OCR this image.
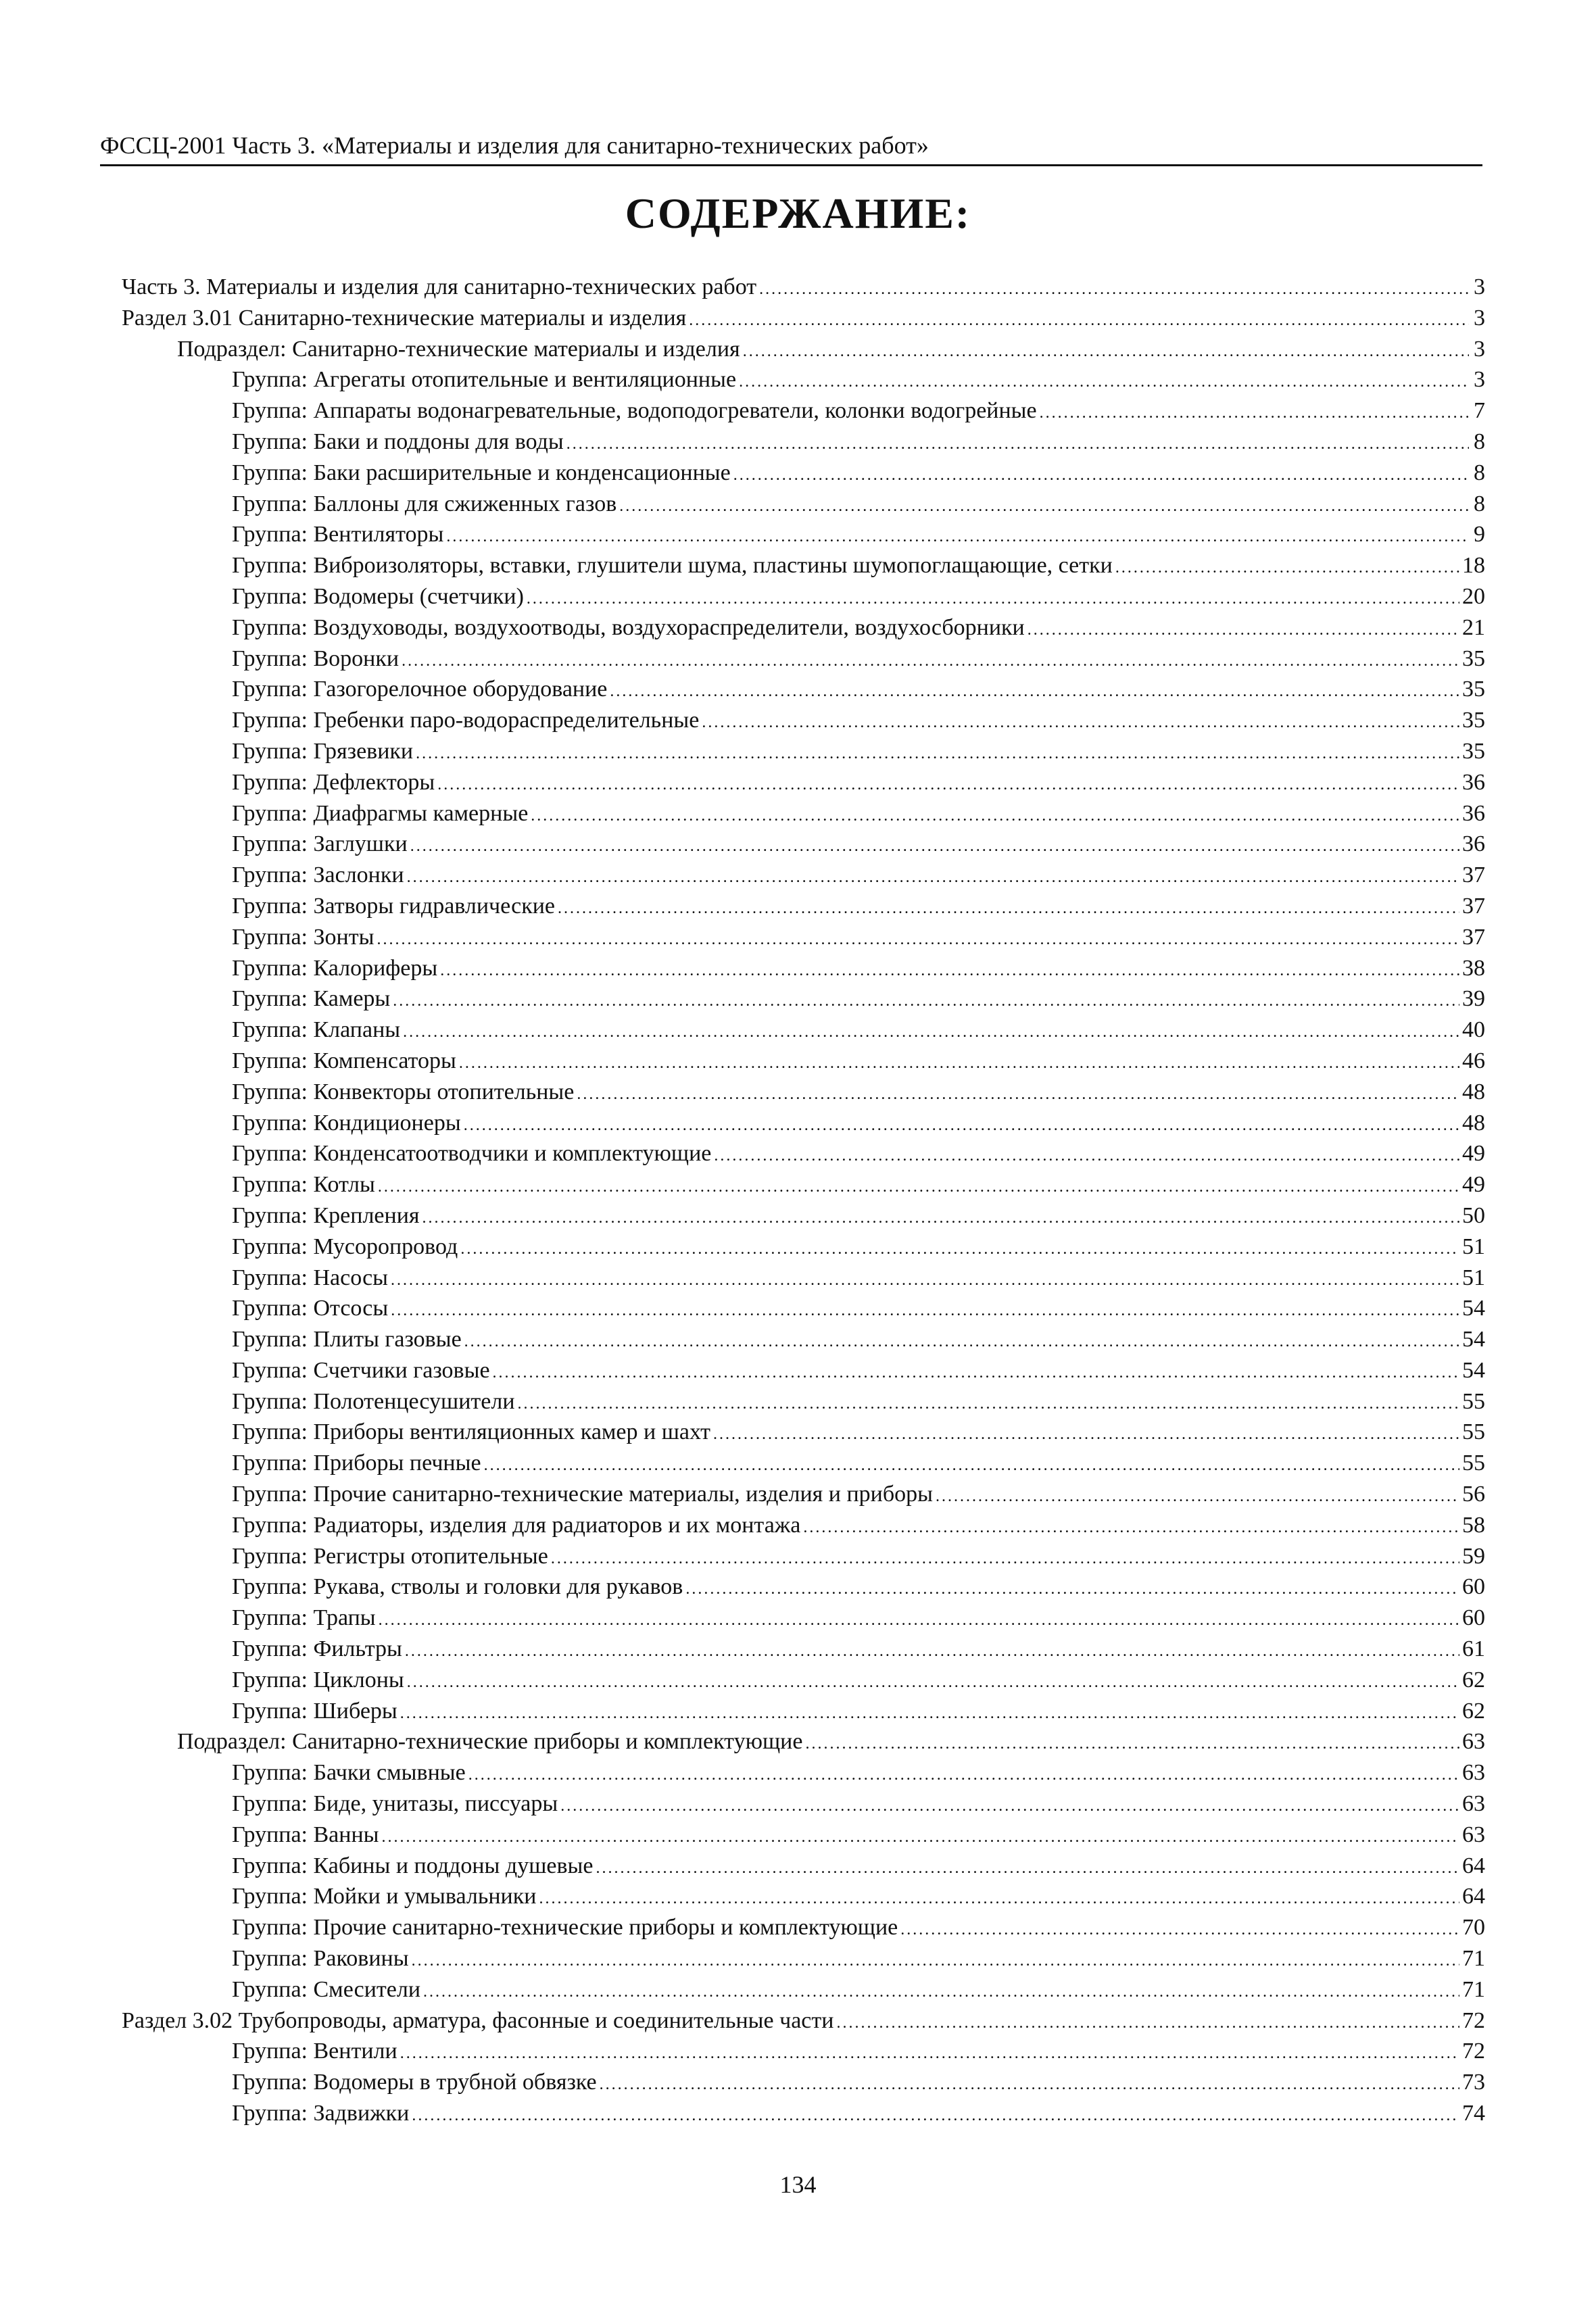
ФССЦ-2001 Часть 3. «Материалы и изделия для санитарно-технических работ»
СОДЕРЖАНИЕ:
Часть 3. Материалы и изделия для санитарно-технических работ .....	3
Раздел 3.01 Санитарно-технические материалы и изделия .....	3
Подраздел: Санитарно-технические материалы и изделия .....	3
Группа: Агрегаты отопительные и вентиляционные .....	3
Группа: Аппараты водонагревательные, водоподогреватели, колонки водогрейные .....	7
Группа: Баки и поддоны для воды .....	8
Группа: Баки расширительные и конденсационные .....	8
Группа: Баллоны для сжиженных газов .....	8
Группа: Вентиляторы .....	9
Группа: Виброизоляторы, вставки, глушители шума, пластины шумопоглащающие, сетки .....	18
Группа: Водомеры (счетчики) .....	20
Группа: Воздуховоды, воздухоотводы, воздухораспределители, воздухосборники .....	21
Группа: Воронки .....	35
Группа: Газогорелочное оборудование .....	35
Группа: Гребенки паро-водораспределительные .....	35
Группа: Грязевики .....	35
Группа: Дефлекторы .....	36
Группа: Диафрагмы камерные .....	36
Группа: Заглушки .....	36
Группа: Заслонки .....	37
Группа: Затворы гидравлические .....	37
Группа: Зонты .....	37
Группа: Калориферы .....	38
Группа: Камеры .....	39
Группа: Клапаны .....	40
Группа: Компенсаторы .....	46
Группа: Конвекторы отопительные .....	48
Группа: Кондиционеры .....	48
Группа: Конденсатоотводчики и комплектующие .....	49
Группа: Котлы .....	49
Группа: Крепления .....	50
Группа: Мусоропровод .....	51
Группа: Насосы .....	51
Группа: Отсосы .....	54
Группа: Плиты газовые .....	54
Группа: Счетчики газовые .....	54
Группа: Полотенцесушители .....	55
Группа: Приборы вентиляционных камер и шахт .....	55
Группа: Приборы печные .....	55
Группа: Прочие санитарно-технические материалы, изделия и приборы .....	56
Группа: Радиаторы, изделия для радиаторов и их монтажа .....	58
Группа: Регистры отопительные .....	59
Группа: Рукава, стволы и головки для рукавов .....	60
Группа: Трапы .....	60
Группа: Фильтры .....	61
Группа: Циклоны .....	62
Группа: Шиберы .....	62
Подраздел: Санитарно-технические приборы и комплектующие .....	63
Группа: Бачки смывные .....	63
Группа: Биде, унитазы, писсуары .....	63
Группа: Ванны .....	63
Группа: Кабины и поддоны душевые .....	64
Группа: Мойки и умывальники .....	64
Группа: Прочие санитарно-технические приборы и комплектующие .....	70
Группа: Раковины .....	71
Группа: Смесители .....	71
Раздел 3.02 Трубопроводы, арматура, фасонные и соединительные части .....	72
Группа: Вентили .....	72
Группа: Водомеры в трубной обвязке .....	73
Группа: Задвижки .....	74
134
